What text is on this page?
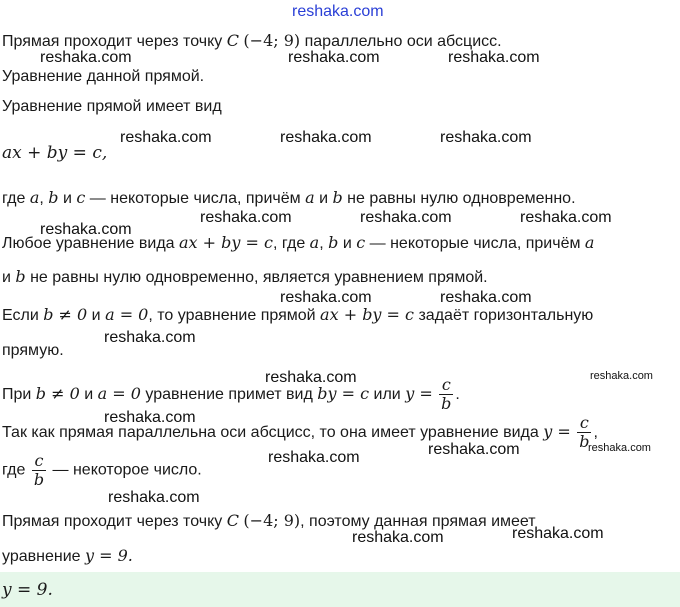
reshaka.com
Прямая проходит через точку C (−4; 9) параллельно оси абсцисс.
Уравнение данной прямой.
Уравнение прямой имеет вид
ax + by = c,
где a, b и c — некоторые числа, причём a и b не равны нулю одновременно.
Любое уравнение вида ax + by = c, где a, b и c — некоторые числа, причём a
и b не равны нулю одновременно, является уравнением прямой.
Если b ≠ 0 и a = 0, то уравнение прямой ax + by = c задаёт горизонтальную
прямую.
При b ≠ 0 и a = 0 уравнение примет вид by = c или $y = \frac{c}{b}$ .
Так как прямая параллельна оси абсцисс, то она имеет уравнение вида $y = \frac{c}{b}$ ,
где $\frac{c}{b}$ — некоторое число.
Прямая проходит через точку C (−4; 9), поэтому данная прямая имеет
уравнение y = 9.
y = 9.
reshaka.com	reshaka.com	reshaka.com
reshaka.com	reshaka.com	reshaka.com
reshaka.com	reshaka.com	reshaka.com
reshaka.com
reshaka.com	reshaka.com
reshaka.com
reshaka.com	reshaka.com
reshaka.com
reshaka.com	reshaka.com
reshaka.com
reshaka.com
reshaka.com
reshaka.com
